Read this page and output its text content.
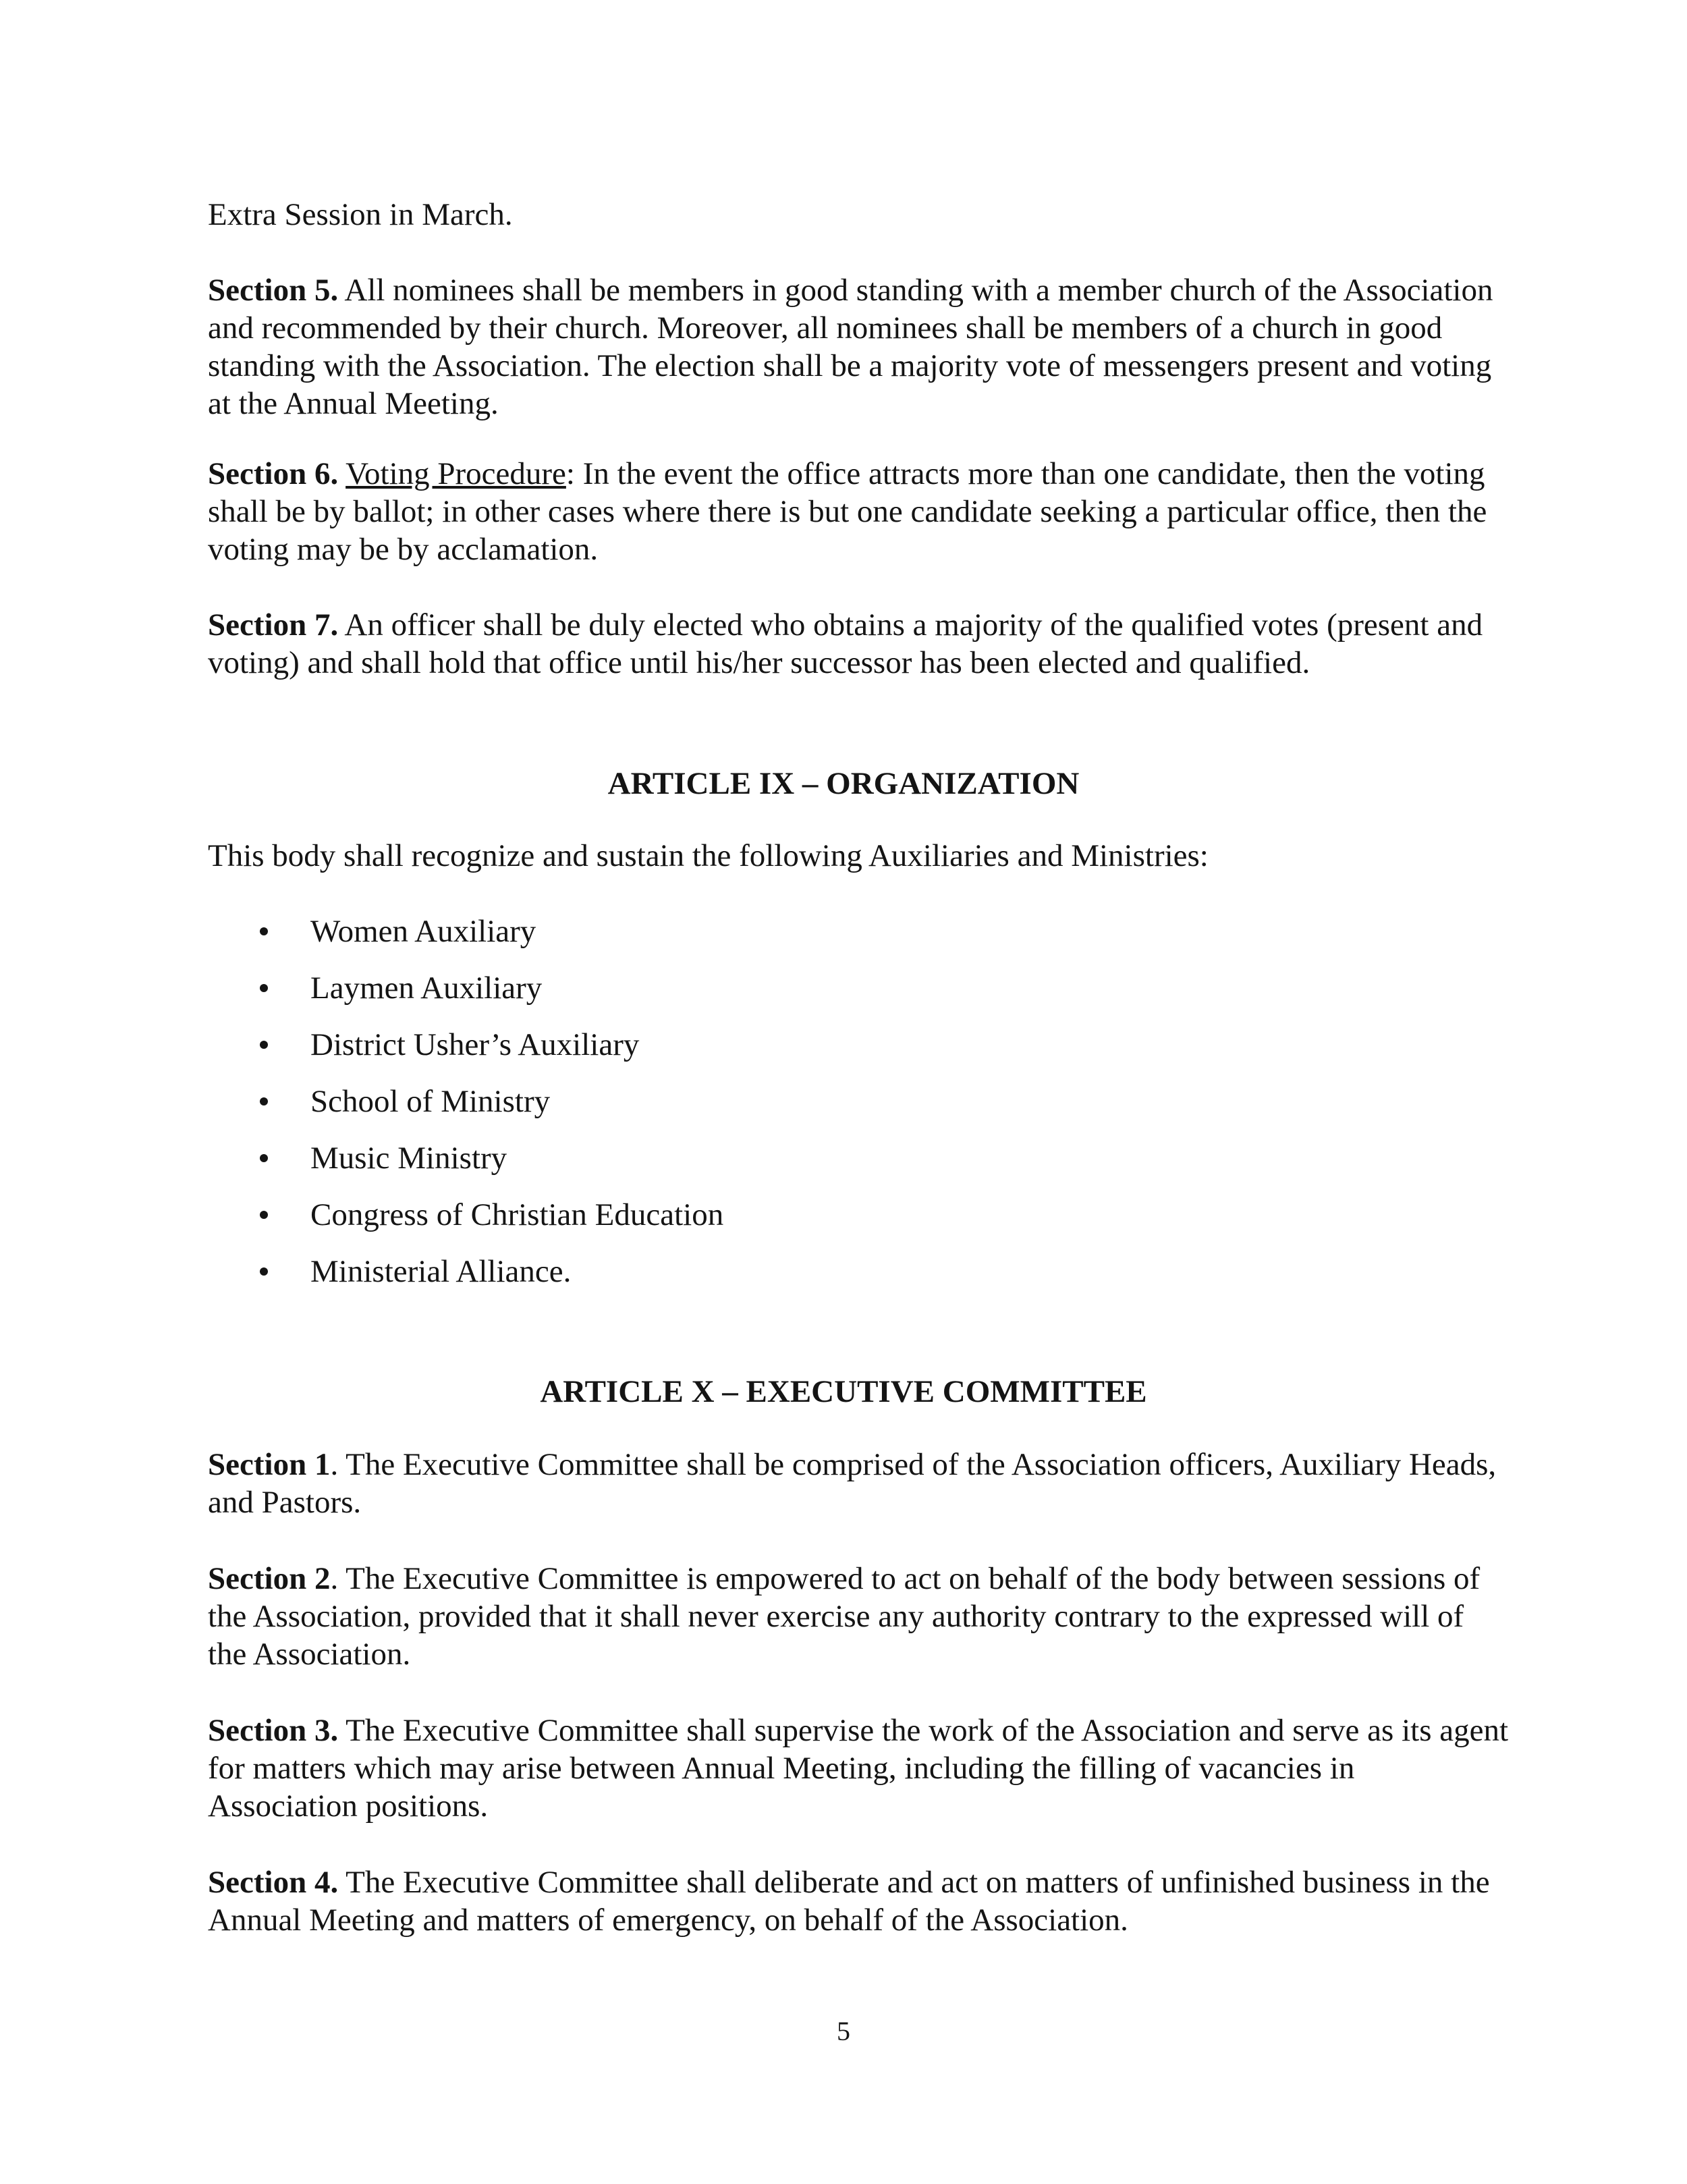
Extra Session in March.

Section 5. All nominees shall be members in good standing with a member church of the Association and recommended by their church. Moreover, all nominees shall be members of a church in good standing with the Association. The election shall be a majority vote of messengers present and voting at the Annual Meeting.

Section 6. Voting Procedure: In the event the office attracts more than one candidate, then the voting shall be by ballot; in other cases where there is but one candidate seeking a particular office, then the voting may be by acclamation.

Section 7. An officer shall be duly elected who obtains a majority of the qualified votes (present and voting) and shall hold that office until his/her successor has been elected and qualified.

ARTICLE IX – ORGANIZATION

This body shall recognize and sustain the following Auxiliaries and Ministries:

Women Auxiliary
Laymen Auxiliary
District Usher’s Auxiliary
School of Ministry
Music Ministry
Congress of Christian Education
Ministerial Alliance.
ARTICLE X – EXECUTIVE COMMITTEE

Section 1. The Executive Committee shall be comprised of the Association officers, Auxiliary Heads, and Pastors.

Section 2. The Executive Committee is empowered to act on behalf of the body between sessions of the Association, provided that it shall never exercise any authority contrary to the expressed will of the Association.

Section 3. The Executive Committee shall supervise the work of the Association and serve as its agent for matters which may arise between Annual Meeting, including the filling of vacancies in Association positions.

Section 4. The Executive Committee shall deliberate and act on matters of unfinished business in the Annual Meeting and matters of emergency, on behalf of the Association.

5
